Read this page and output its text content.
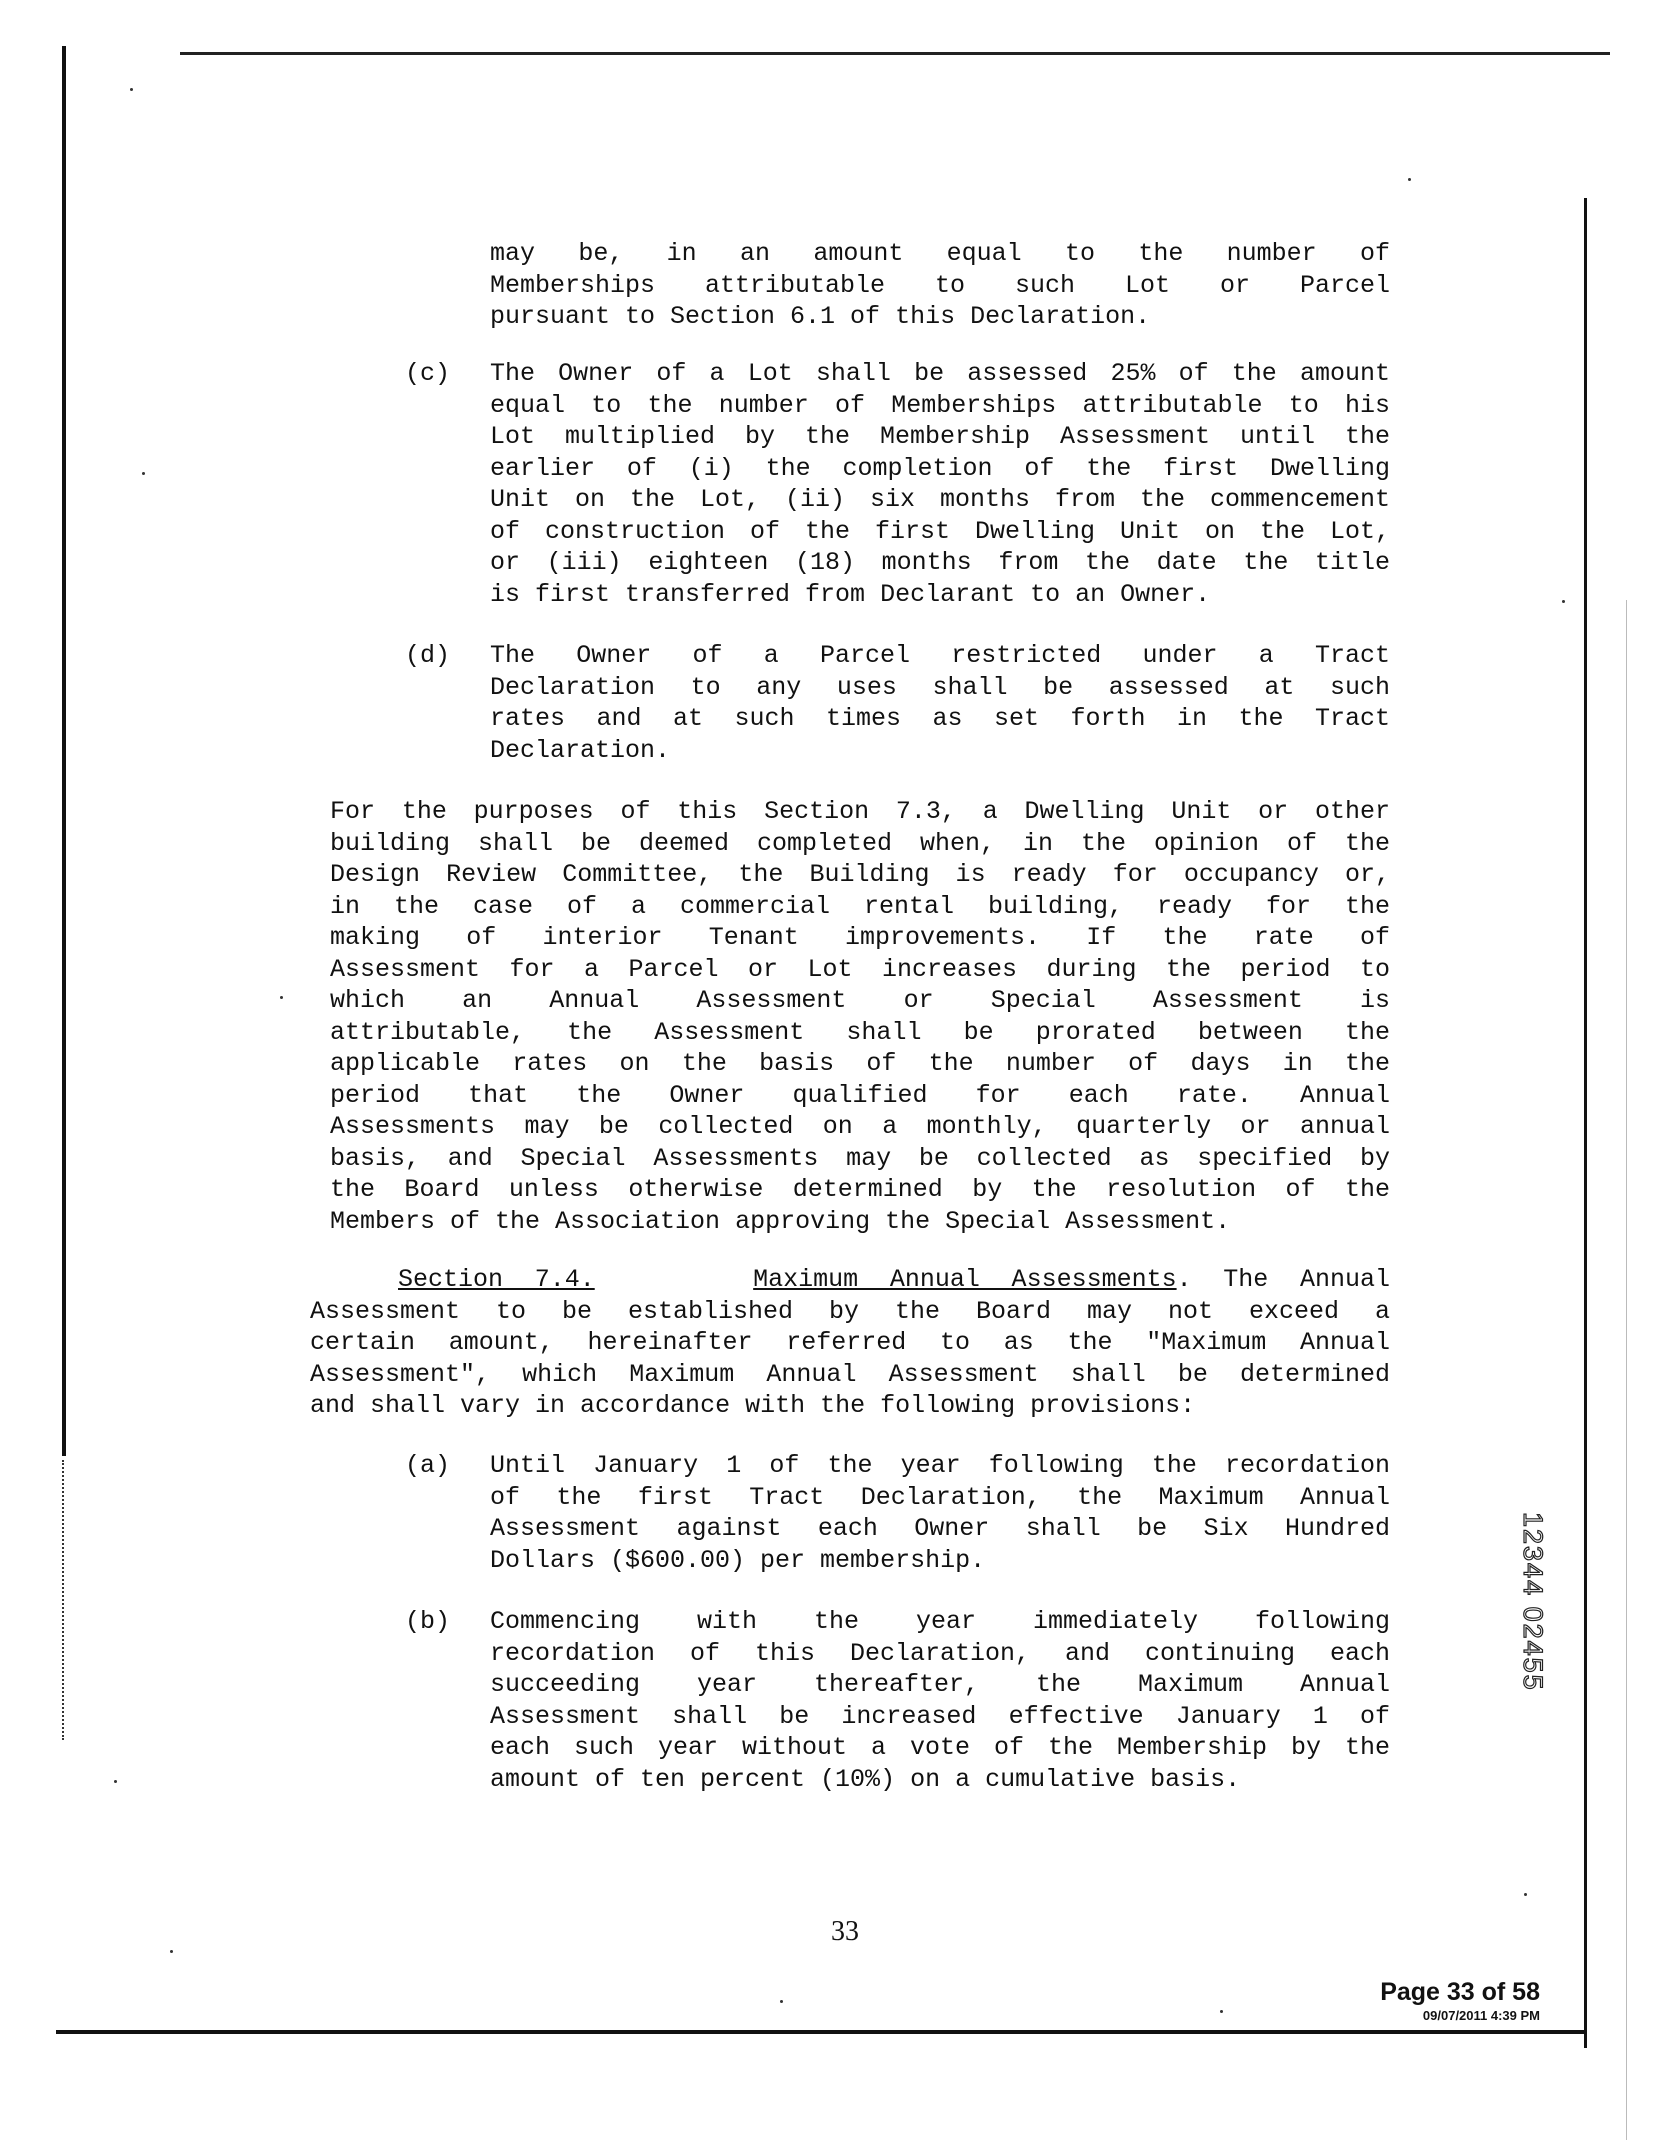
may be, in an amount equal to the number of
Memberships attributable to such Lot or Parcel
pursuant to Section 6.1 of this Declaration.
(c) The Owner of a Lot shall be assessed 25% of the amount
equal to the number of Memberships attributable to his
Lot multiplied by the Membership Assessment until the
earlier of (i) the completion of the first Dwelling
Unit on the Lot, (ii) six months from the commencement
of construction of the first Dwelling Unit on the Lot,
or (iii) eighteen (18) months from the date the title
is first transferred from Declarant to an Owner.
(d) The Owner of a Parcel restricted under a Tract
Declaration to any uses shall be assessed at such
rates and at such times as set forth in the Tract
Declaration.
For the purposes of this Section 7.3, a Dwelling Unit or other
building shall be deemed completed when, in the opinion of the
Design Review Committee, the Building is ready for occupancy or,
in the case of a commercial rental building, ready for the
making of interior Tenant improvements. If the rate of
Assessment for a Parcel or Lot increases during the period to
which an Annual Assessment or Special Assessment is
attributable, the Assessment shall be prorated between the
applicable rates on the basis of the number of days in the
period that the Owner qualified for each rate. Annual
Assessments may be collected on a monthly, quarterly or annual
basis, and Special Assessments may be collected as specified by
the Board unless otherwise determined by the resolution of the
Members of the Association approving the Special Assessment.
Section 7.4.	Maximum Annual Assessments. The Annual
Assessment to be established by the Board may not exceed a
certain amount, hereinafter referred to as the "Maximum Annual
Assessment", which Maximum Annual Assessment shall be determined
and shall vary in accordance with the following provisions:
(a) Until January 1 of the year following the recordation
of the first Tract Declaration, the Maximum Annual
Assessment against each Owner shall be Six Hundred
Dollars ($600.00) per membership.
(b) Commencing with the year immediately following
recordation of this Declaration, and continuing each
succeeding year thereafter, the Maximum Annual
Assessment shall be increased effective January 1 of
each such year without a vote of the Membership by the
amount of ten percent (10%) on a cumulative basis.
12344 02455
33
Page 33 of 58
09/07/2011 4:39 PM
